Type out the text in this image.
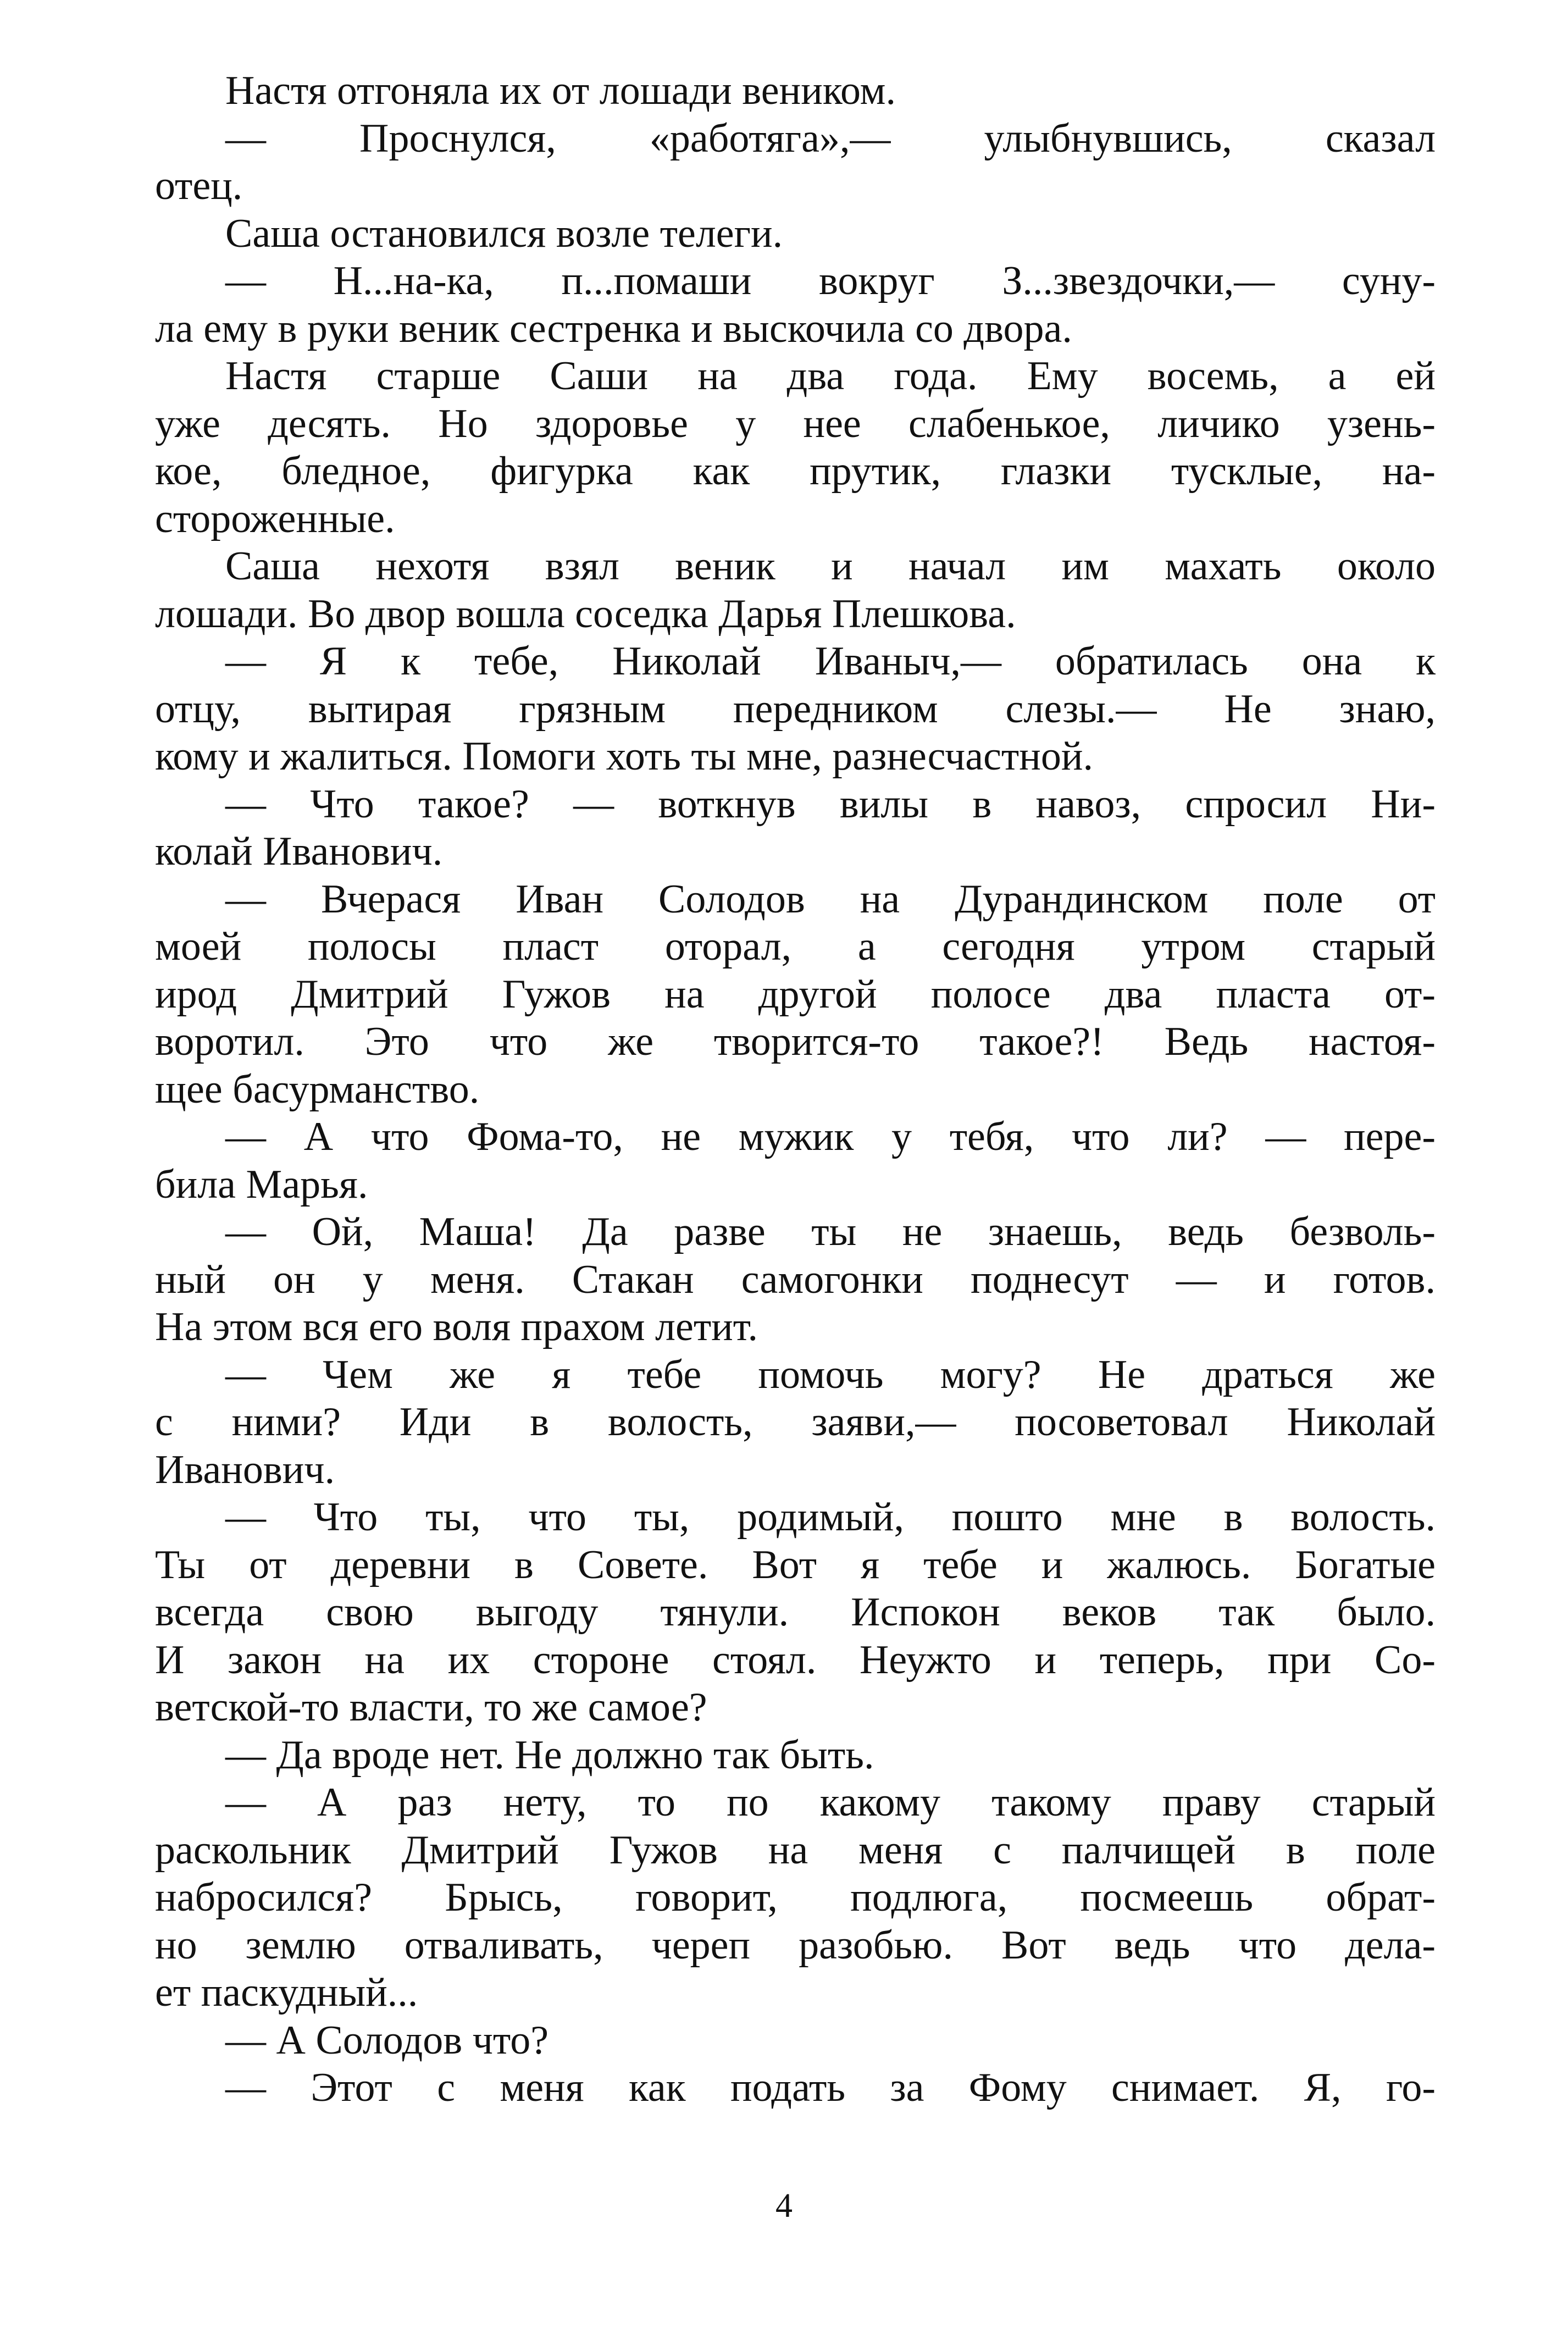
Настя отгоняла их от лошади веником.
— Проснулся, «работяга»,— улыбнувшись, сказал
отец.
Саша остановился возле телеги.
— Н...на-ка, п...помаши вокруг З...звездочки,— суну-
ла ему в руки веник сестренка и выскочила со двора.
Настя старше Саши на два года. Ему восемь, а ей
уже десять. Но здоровье у нее слабенькое, личико узень-
кое, бледное, фигурка как прутик, глазки тусклые, на-
стороженные.
Саша нехотя взял веник и начал им махать около
лошади. Во двор вошла соседка Дарья Плешкова.
— Я к тебе, Николай Иваныч,— обратилась она к
отцу, вытирая грязным передником слезы.— Не знаю,
кому и жалиться. Помоги хоть ты мне, разнесчастной.
— Что такое? — воткнув вилы в навоз, спросил Ни-
колай Иванович.
— Вчерася Иван Солодов на Дурандинском поле от
моей полосы пласт оторал, а сегодня утром старый
ирод Дмитрий Гужов на другой полосе два пласта от-
воротил. Это что же творится-то такое?! Ведь настоя-
щее басурманство.
— А что Фома-то, не мужик у тебя, что ли? — пере-
била Марья.
— Ой, Маша! Да разве ты не знаешь, ведь безволь-
ный он у меня. Стакан самогонки поднесут — и готов.
На этом вся его воля прахом летит.
— Чем же я тебе помочь могу? Не драться же
с ними? Иди в волость, заяви,— посоветовал Николай
Иванович.
— Что ты, что ты, родимый, пошто мне в волость.
Ты от деревни в Совете. Вот я тебе и жалюсь. Богатые
всегда свою выгоду тянули. Испокон веков так было.
И закон на их стороне стоял. Неужто и теперь, при Со-
ветской-то власти, то же самое?
— Да вроде нет. Не должно так быть.
— А раз нету, то по какому такому праву старый
раскольник Дмитрий Гужов на меня с палчищей в поле
набросился? Брысь, говорит, подлюга, посмеешь обрат-
но землю отваливать, череп разобью. Вот ведь что дела-
ет паскудный...
— А Солодов что?
— Этот с меня как подать за Фому снимает. Я, го-
4
